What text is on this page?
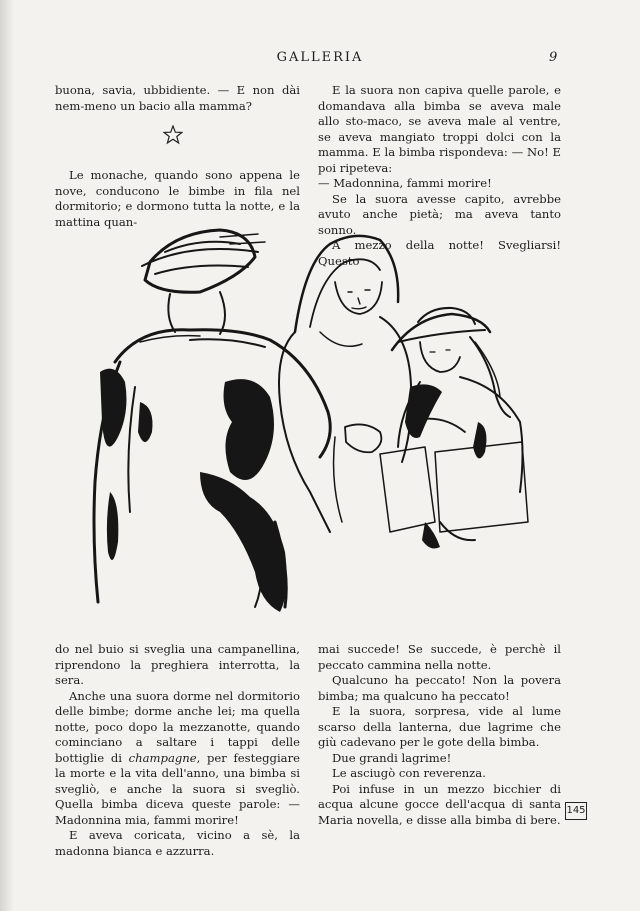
GALLERIA	9

buona, savia, ubbidiente. — E non dài nem-meno un bacio alla mamma?

Le monache, quando sono appena le nove, conducono le bimbe in fila nel dormitorio; e dormono tutta la notte, e la mattina quan-

E la suora non capiva quelle parole, e domandava alla bimba se aveva male allo sto-maco, se aveva male al ventre, se aveva mangiato troppi dolci con la mamma. E la bimba rispondeva: — No! E poi ripeteva:

— Madonnina, fammi morire!

Se la suora avesse capito, avrebbe avuto anche pietà; ma aveva tanto sonno.

A mezzo della notte! Svegliarsi! Questo

do nel buio si sveglia una campanellina, riprendono la preghiera interrotta, la sera.

Anche una suora dorme nel dormitorio delle bimbe; dorme anche lei; ma quella notte, poco dopo la mezzanotte, quando cominciano a saltare i tappi delle bottiglie di champagne, per festeggiare la morte e la vita dell'anno, una bimba si svegliò, e anche la suora si svegliò. Quella bimba diceva queste parole: — Madonnina mia, fammi morire!

E aveva coricata, vicino a sè, la madonna bianca e azzurra.

mai succede! Se succede, è perchè il peccato cammina nella notte.

Qualcuno ha peccato! Non la povera bimba; ma qualcuno ha peccato!

E la suora, sorpresa, vide al lume scarso della lanterna, due lagrime che giù cadevano per le gote della bimba.

Due grandi lagrime!

Le asciugò con reverenza.

Poi infuse in un mezzo bicchier di acqua alcune gocce dell'acqua di santa Maria novella, e disse alla bimba di bere.

145
